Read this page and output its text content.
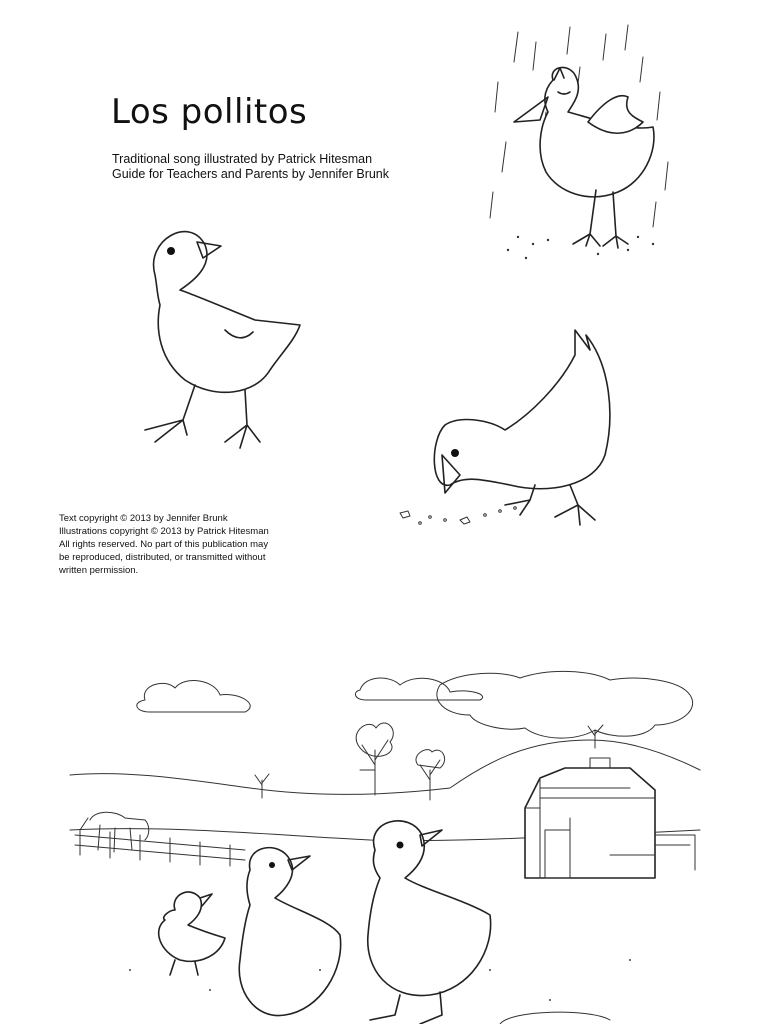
Los pollitos
Traditional song illustrated by Patrick Hitesman
Guide for Teachers and Parents by Jennifer Brunk
Text copyright © 2013 by Jennifer Brunk
Illustrations copyright © 2013 by Patrick Hitesman
All rights reserved. No part of this publication may
be reproduced, distributed, or transmitted without
written permission.
